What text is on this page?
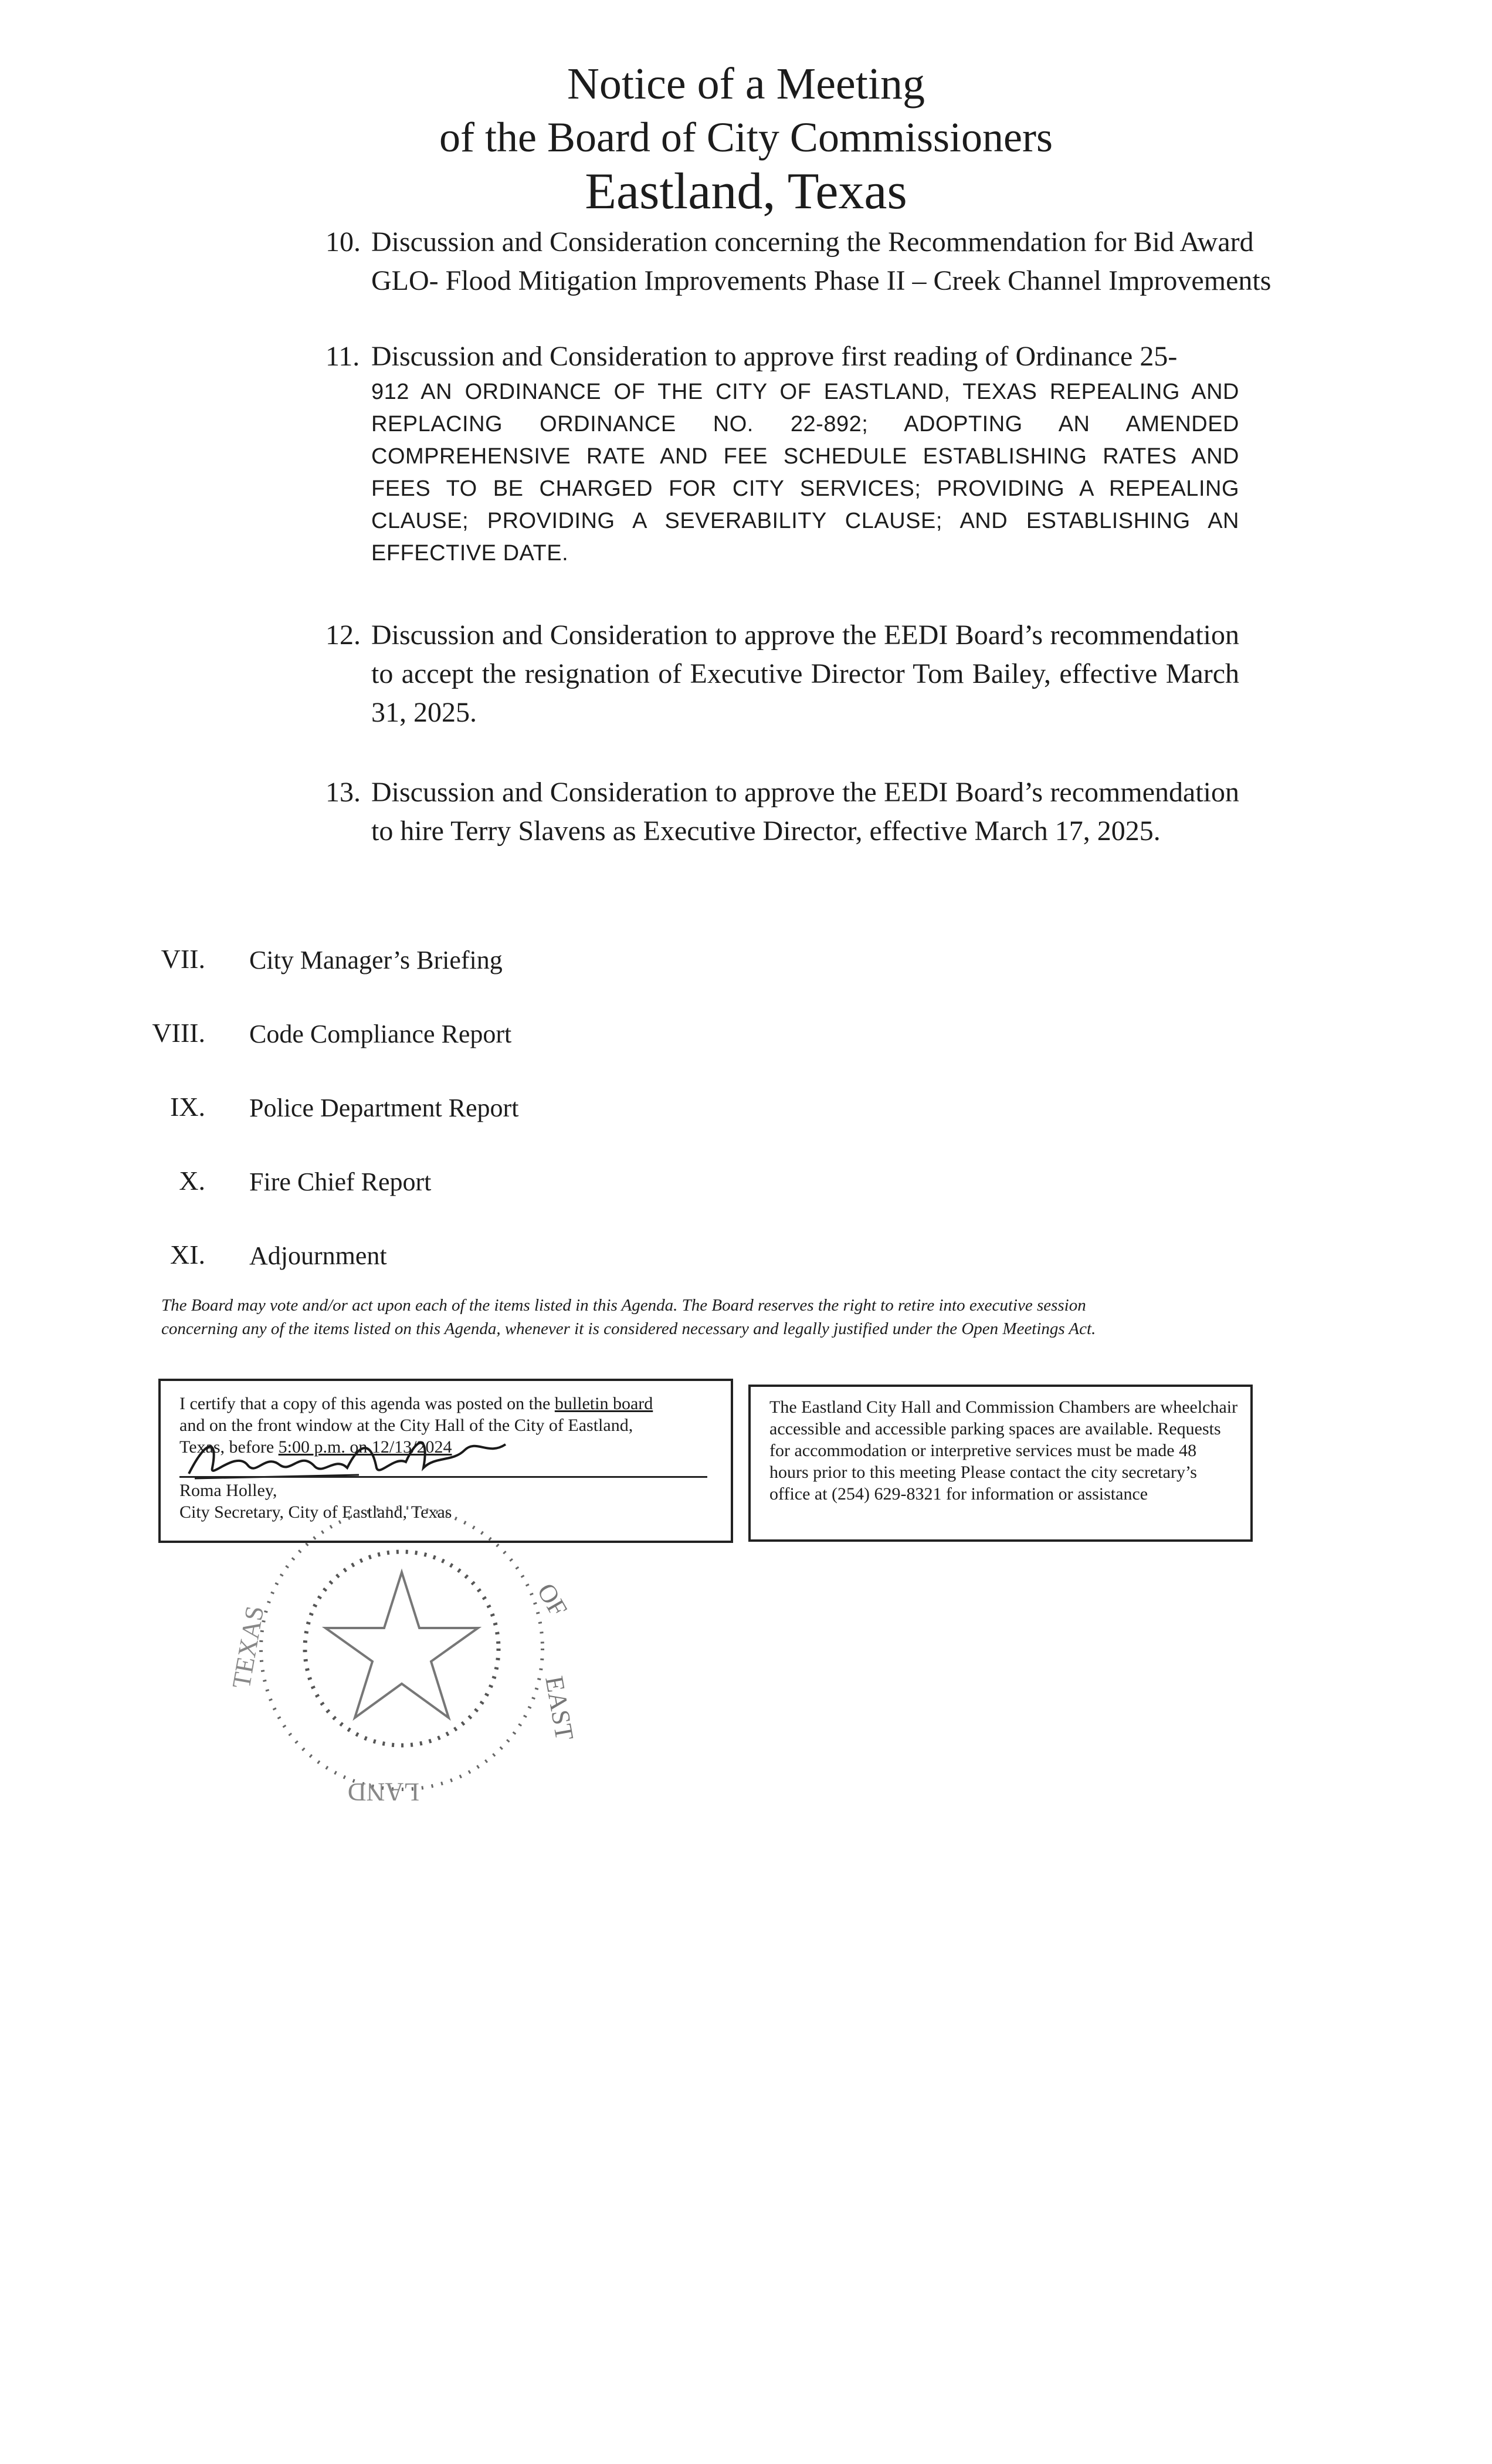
Notice of a Meeting
of the Board of City Commissioners
Eastland, Texas
10. Discussion and Consideration concerning the Recommendation for Bid Award
GLO- Flood Mitigation Improvements Phase II – Creek Channel Improvements
11. Discussion and Consideration to approve first reading of Ordinance 25-
912 AN ORDINANCE OF THE CITY OF EASTLAND, TEXAS REPEALING AND REPLACING ORDINANCE NO. 22-892; ADOPTING AN AMENDED COMPREHENSIVE RATE AND FEE SCHEDULE ESTABLISHING RATES AND FEES TO BE CHARGED FOR CITY SERVICES; PROVIDING A REPEALING CLAUSE; PROVIDING A SEVERABILITY CLAUSE; AND ESTABLISHING AN EFFECTIVE DATE.
12. Discussion and Consideration to approve the EEDI Board’s recommendation to accept the resignation of Executive Director Tom Bailey, effective March 31, 2025.
13. Discussion and Consideration to approve the EEDI Board’s recommendation to hire Terry Slavens as Executive Director, effective March 17, 2025.
VII. City Manager’s Briefing
VIII. Code Compliance Report
IX. Police Department Report
X. Fire Chief Report
XI. Adjournment
The Board may vote and/or act upon each of the items listed in this Agenda. The Board reserves the right to retire into executive session
concerning any of the items listed on this Agenda, whenever it is considered necessary and legally justified under the Open Meetings Act.
I certify that a copy of this agenda was posted on the bulletin board
and on the front window at the City Hall of the City of Eastland,
Texas, before 5:00 p.m. on 12/13/2024
Roma Holley,
City Secretary, City of Eastland, Texas
The Eastland City Hall and Commission Chambers are wheelchair accessible and accessible parking spaces are available. Requests for accommodation or interpretive services must be made 48 hours prior to this meeting Please contact the city secretary’s office at (254) 629-8321 for information or assistance
OF
EAST
TEXAS
LAND
